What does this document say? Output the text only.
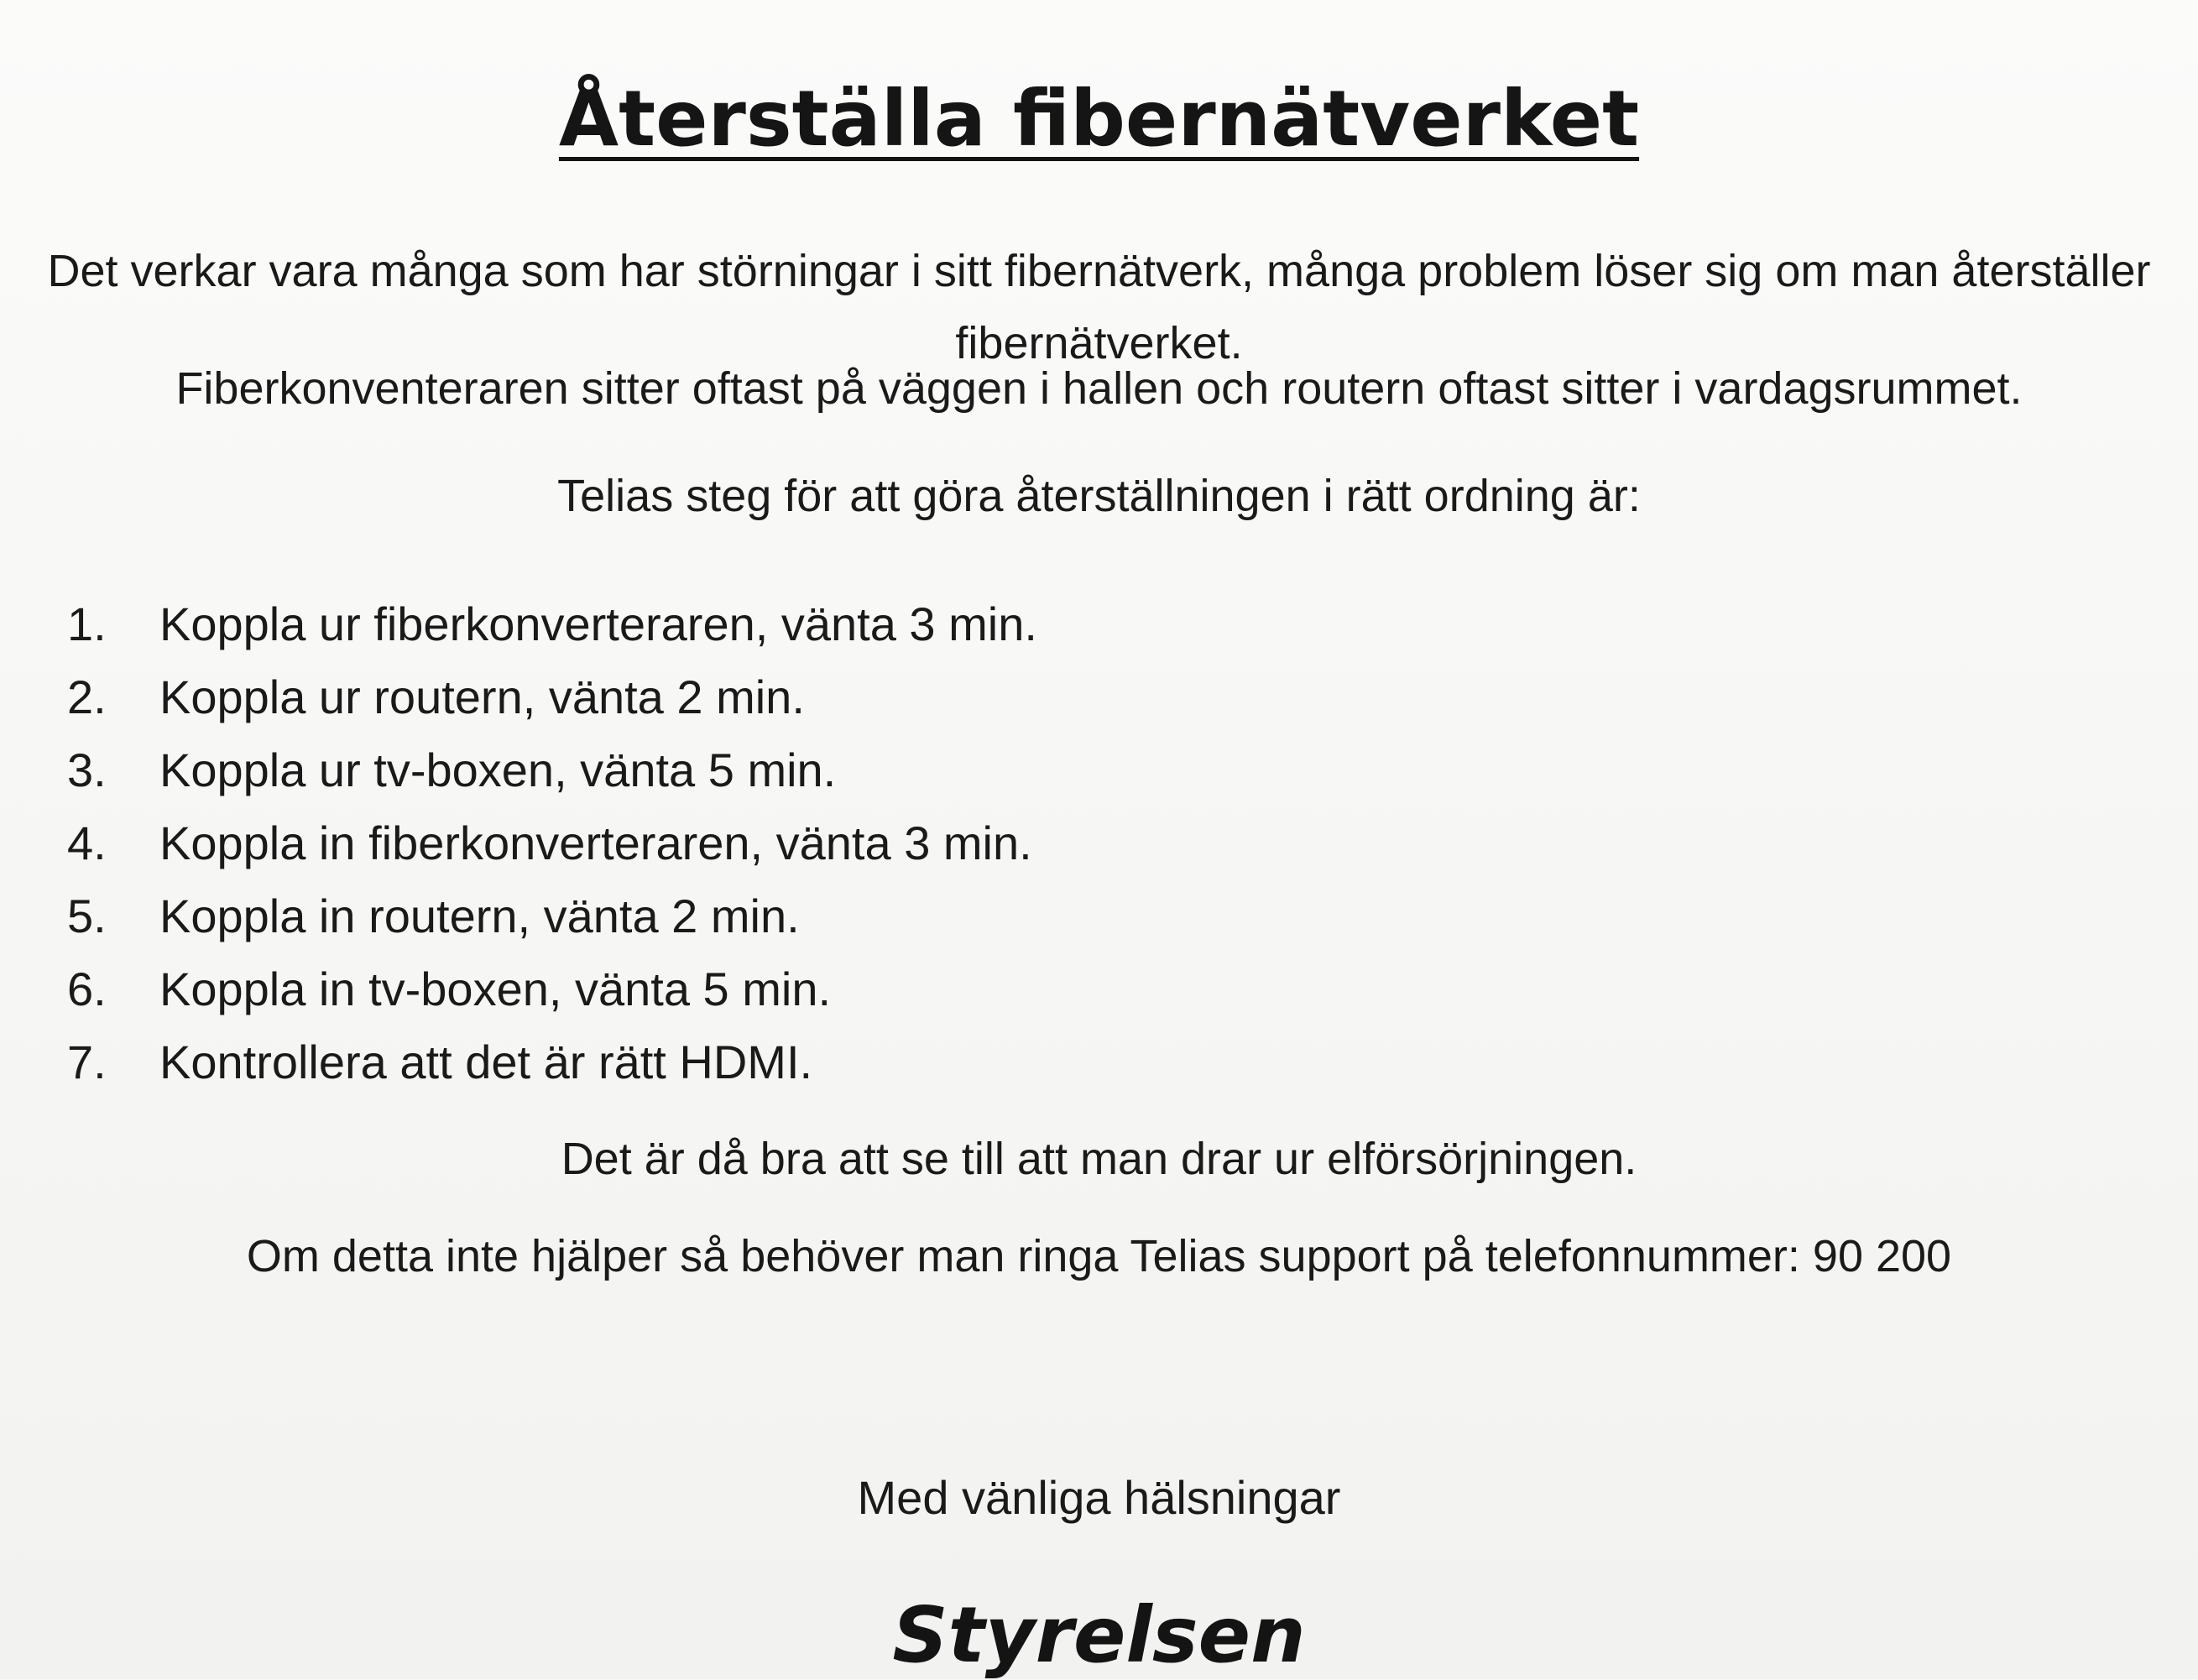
Återställa fibernätverket

Det verkar vara många som har störningar i sitt fibernätverk, många problem löser sig om man återställer fibernätverket.

Fiberkonventeraren sitter oftast på väggen i hallen och routern oftast sitter i vardagsrummet.

Telias steg för att göra återställningen i rätt ordning är:

1. Koppla ur fiberkonverteraren, vänta 3 min.
2. Koppla ur routern, vänta 2 min.
3. Koppla ur tv-boxen, vänta 5 min.
4. Koppla in fiberkonverteraren, vänta 3 min.
5. Koppla in routern, vänta 2 min.
6. Koppla in tv-boxen, vänta 5 min.
7. Kontrollera att det är rätt HDMI.

Det är då bra att se till att man drar ur elförsörjningen.

Om detta inte hjälper så behöver man ringa Telias support på telefonnummer: 90 200

Med vänliga hälsningar

Styrelsen
